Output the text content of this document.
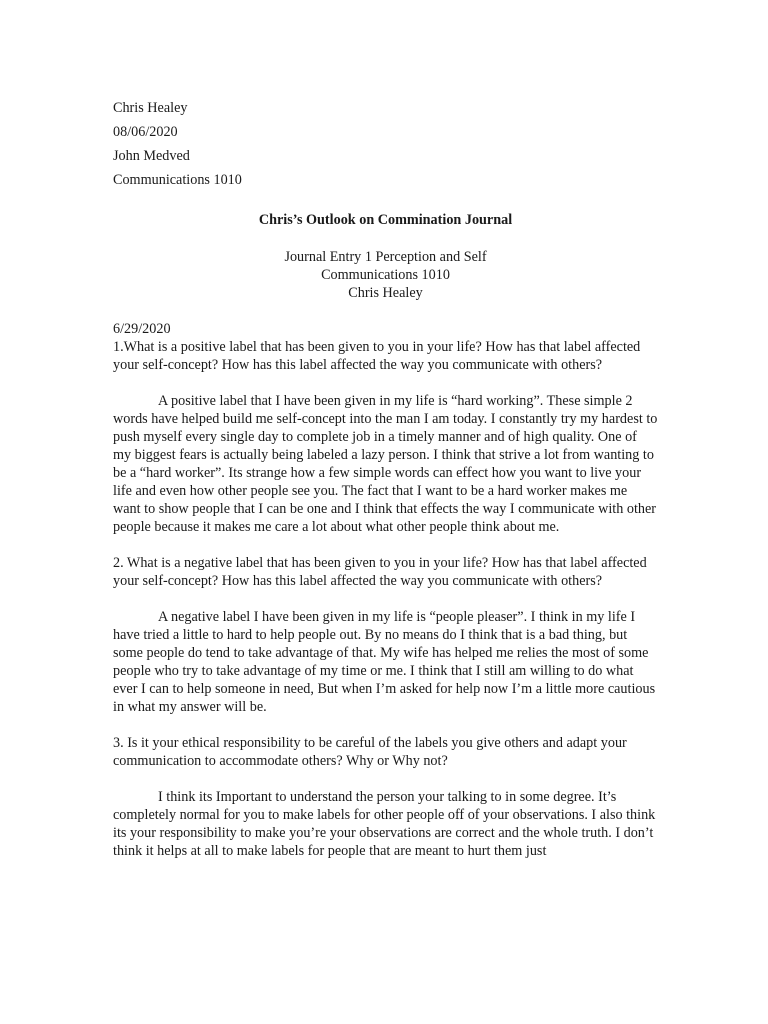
Chris Healey
08/06/2020
John Medved
Communications 1010
Chris’s Outlook on Commination Journal
Journal Entry 1 Perception and Self
Communications 1010
Chris Healey
6/29/2020

1.What is a positive label that has been given to you in your life? How has that label affected your self-concept? How has this label affected the way you communicate with others?

A positive label that I have been given in my life is “hard working”. These simple 2 words have helped build me self-concept into the man I am today. I constantly try my hardest to push myself every single day to complete job in a timely manner and of high quality. One of my biggest fears is actually being labeled a lazy person. I think that strive a lot from wanting to be a “hard worker”. Its strange how a few simple words can effect how you want to live your life and even how other people see you. The fact that I want to be a hard worker makes me want to show people that I can be one and I think that effects the way I communicate with other people because it makes me care a lot about what other people think about me.

2. What is a negative label that has been given to you in your life? How has that label affected your self-concept? How has this label affected the way you communicate with others?

A negative label I have been given in my life is “people pleaser”. I think in my life I have tried a little to hard to help people out. By no means do I think that is a bad thing, but some people do tend to take advantage of that. My wife has helped me relies the most of some people who try to take advantage of my time or me. I think that I still am willing to do what ever I can to help someone in need, But when I’m asked for help now I’m a little more cautious in what my answer will be.

3. Is it your ethical responsibility to be careful of the labels you give others and adapt your communication to accommodate others? Why or Why not?

I think its Important to understand the person your talking to in some degree. It’s completely normal for you to make labels for other people off of your observations. I also think its your responsibility to make you’re your observations are correct and the whole truth. I don’t think it helps at all to make labels for people that are meant to hurt them just
